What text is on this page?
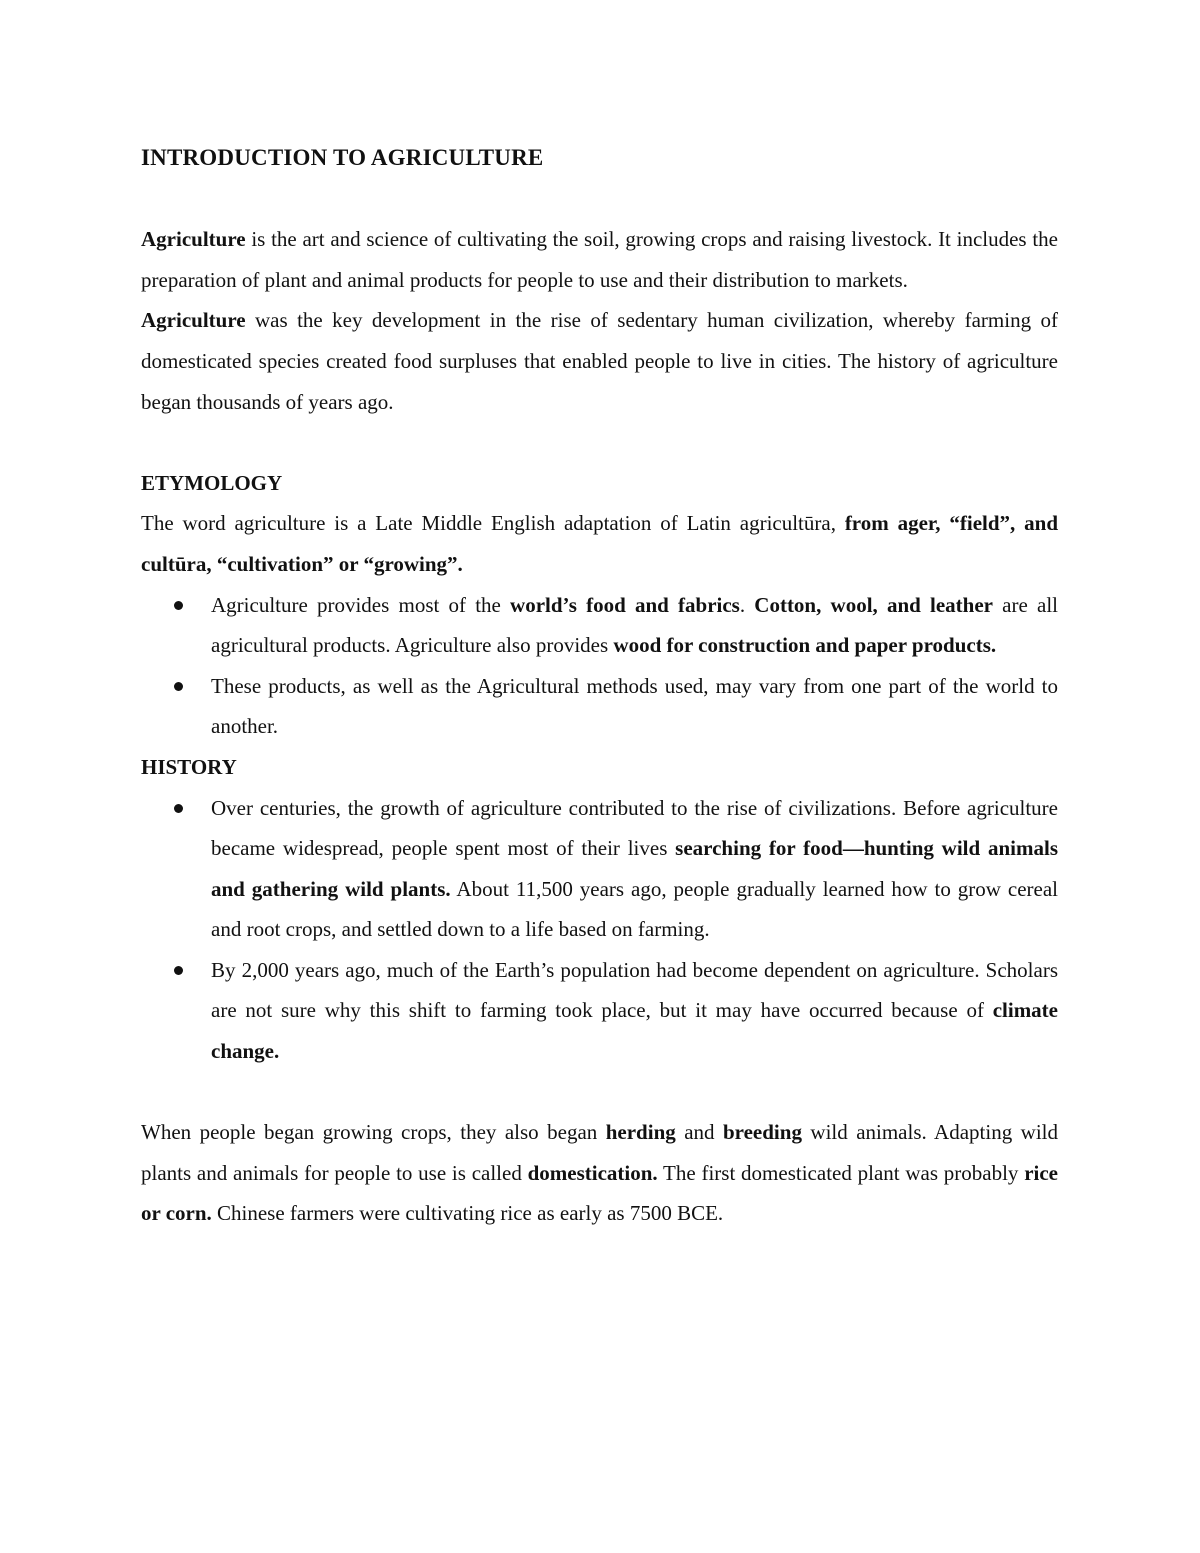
INTRODUCTION TO AGRICULTURE

Agriculture is the art and science of cultivating the soil, growing crops and raising livestock. It includes the preparation of plant and animal products for people to use and their distribution to markets.

Agriculture was the key development in the rise of sedentary human civilization, whereby farming of domesticated species created food surpluses that enabled people to live in cities. The history of agriculture began thousands of years ago.

ETYMOLOGY

The word agriculture is a Late Middle English adaptation of Latin agricultūra, from ager, “field”, and cultūra, “cultivation” or “growing”.

Agriculture provides most of the world’s food and fabrics. Cotton, wool, and leather are all agricultural products. Agriculture also provides wood for construction and paper products.
These products, as well as the Agricultural methods used, may vary from one part of the world to another.
HISTORY
Over centuries, the growth of agriculture contributed to the rise of civilizations. Before agriculture became widespread, people spent most of their lives searching for food—hunting wild animals and gathering wild plants. About 11,500 years ago, people gradually learned how to grow cereal and root crops, and settled down to a life based on farming.
By 2,000 years ago, much of the Earth’s population had become dependent on agriculture. Scholars are not sure why this shift to farming took place, but it may have occurred because of climate change.

When people began growing crops, they also began herding and breeding wild animals. Adapting wild plants and animals for people to use is called domestication. The first domesticated plant was probably rice or corn. Chinese farmers were cultivating rice as early as 7500 BCE.
